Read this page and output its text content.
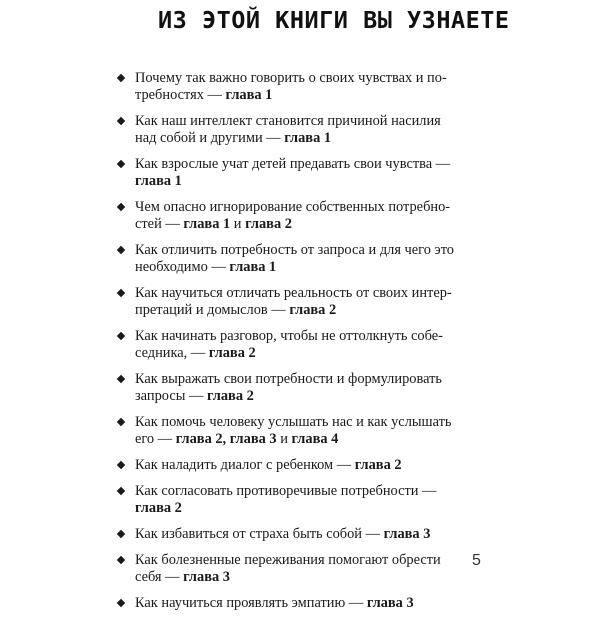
ИЗ ЭТОЙ КНИГИ ВЫ УЗНАЕТЕ
Почему так важно говорить о своих чувствах и по-
требностях — глава 1
Как наш интеллект становится причиной насилия
над собой и другими — глава 1
Как взрослые учат детей предавать свои чувства —
глава 1
Чем опасно игнорирование собственных потребно-
стей — глава 1 и глава 2
Как отличить потребность от запроса и для чего это
необходимо — глава 1
Как научиться отличать реальность от своих интер-
претаций и домыслов — глава 2
Как начинать разговор, чтобы не оттолкнуть собе-
седника, — глава 2
Как выражать свои потребности и формулировать
запросы — глава 2
Как помочь человеку услышать нас и как услышать
его — глава 2, глава 3 и глава 4
Как наладить диалог с ребенком — глава 2
Как согласовать противоречивые потребности —
глава 2
Как избавиться от страха быть собой — глава 3
Как болезненные переживания помогают обрести
себя — глава 3
Как научиться проявлять эмпатию — глава 3
5
